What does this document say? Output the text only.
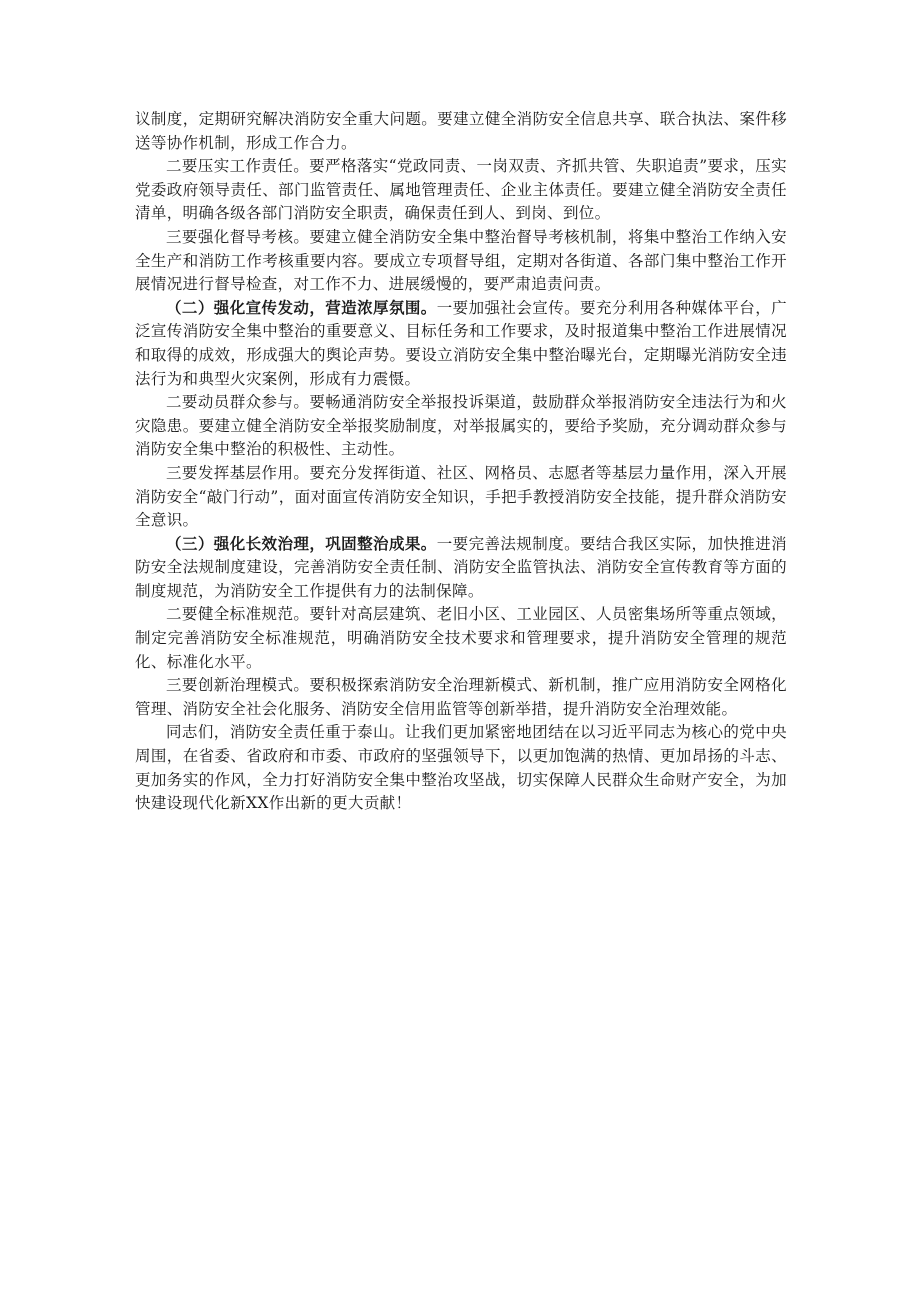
议制度，定期研究解决消防安全重大问题。要建立健全消防安全信息共享、联合执法、案件移送等协作机制，形成工作合力。

二要压实工作责任。要严格落实“党政同责、一岗双责、齐抓共管、失职追责”要求，压实党委政府领导责任、部门监管责任、属地管理责任、企业主体责任。要建立健全消防安全责任清单，明确各级各部门消防安全职责，确保责任到人、到岗、到位。

三要强化督导考核。要建立健全消防安全集中整治督导考核机制，将集中整治工作纳入安全生产和消防工作考核重要内容。要成立专项督导组，定期对各街道、各部门集中整治工作开展情况进行督导检查，对工作不力、进展缓慢的，要严肃追责问责。

（二）强化宣传发动，营造浓厚氛围。一要加强社会宣传。要充分利用各种媒体平台，广泛宣传消防安全集中整治的重要意义、目标任务和工作要求，及时报道集中整治工作进展情况和取得的成效，形成强大的舆论声势。要设立消防安全集中整治曝光台，定期曝光消防安全违法行为和典型火灾案例，形成有力震慑。

二要动员群众参与。要畅通消防安全举报投诉渠道，鼓励群众举报消防安全违法行为和火灾隐患。要建立健全消防安全举报奖励制度，对举报属实的，要给予奖励，充分调动群众参与消防安全集中整治的积极性、主动性。

三要发挥基层作用。要充分发挥街道、社区、网格员、志愿者等基层力量作用，深入开展消防安全“敲门行动”，面对面宣传消防安全知识，手把手教授消防安全技能，提升群众消防安全意识。

（三）强化长效治理，巩固整治成果。一要完善法规制度。要结合我区实际，加快推进消防安全法规制度建设，完善消防安全责任制、消防安全监管执法、消防安全宣传教育等方面的制度规范，为消防安全工作提供有力的法制保障。

二要健全标准规范。要针对高层建筑、老旧小区、工业园区、人员密集场所等重点领域，制定完善消防安全标准规范，明确消防安全技术要求和管理要求，提升消防安全管理的规范化、标准化水平。

三要创新治理模式。要积极探索消防安全治理新模式、新机制，推广应用消防安全网格化管理、消防安全社会化服务、消防安全信用监管等创新举措，提升消防安全治理效能。

同志们，消防安全责任重于泰山。让我们更加紧密地团结在以习近平同志为核心的党中央周围，在省委、省政府和市委、市政府的坚强领导下，以更加饱满的热情、更加昂扬的斗志、更加务实的作风，全力打好消防安全集中整治攻坚战，切实保障人民群众生命财产安全，为加快建设现代化新XX作出新的更大贡献！
